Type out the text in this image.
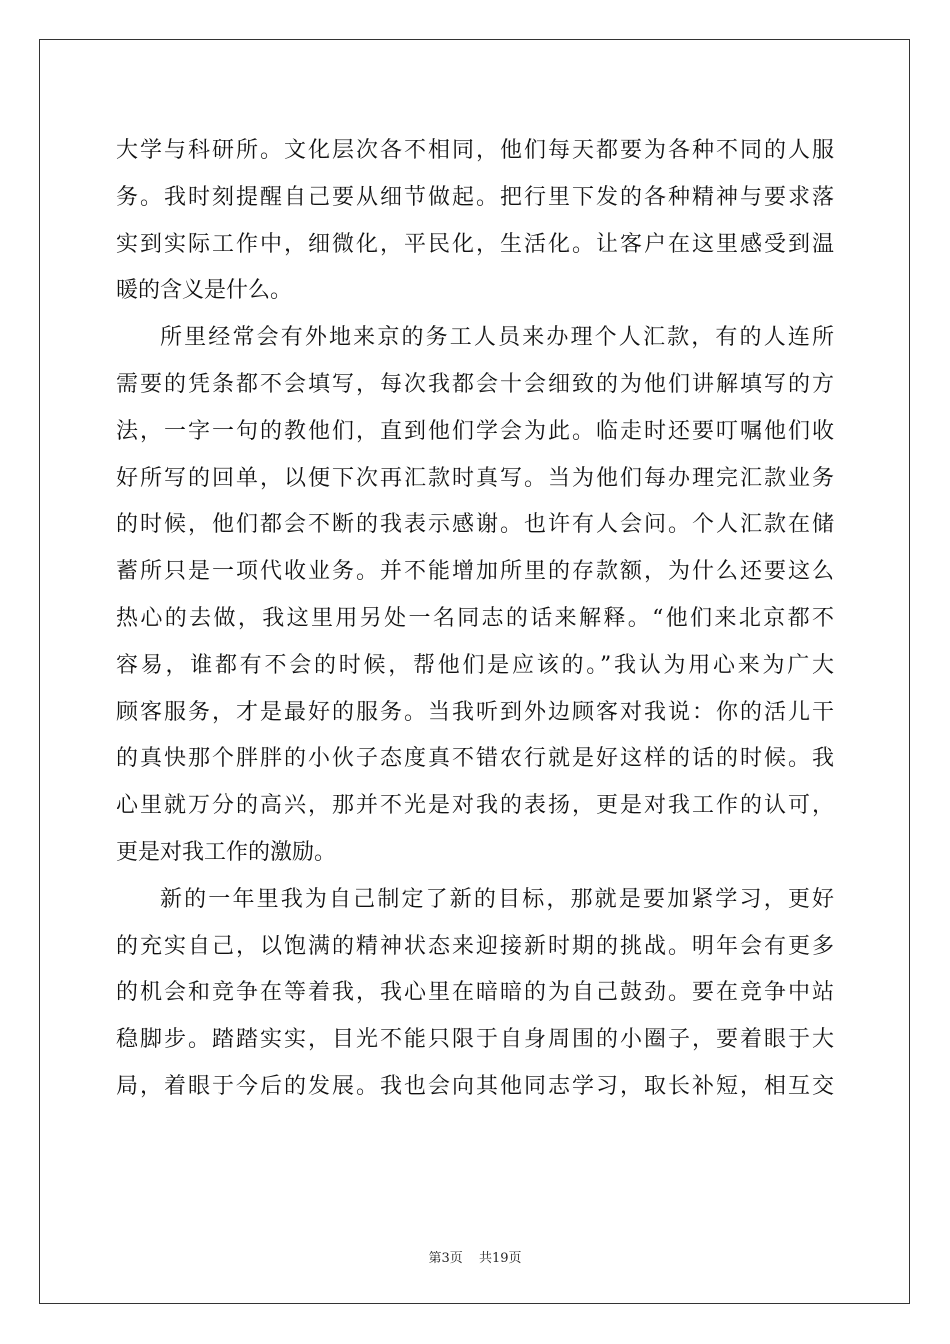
大学与科研所。文化层次各不相同，他们每天都要为各种不同的人服
务。我时刻提醒自己要从细节做起。把行里下发的各种精神与要求落
实到实际工作中，细微化，平民化，生活化。让客户在这里感受到温
暖的含义是什么。
所里经常会有外地来京的务工人员来办理个人汇款，有的人连所
需要的凭条都不会填写，每次我都会十会细致的为他们讲解填写的方
法，一字一句的教他们，直到他们学会为此。临走时还要叮嘱他们收
好所写的回单，以便下次再汇款时真写。当为他们每办理完汇款业务
的时候，他们都会不断的我表示感谢。也许有人会问。个人汇款在储
蓄所只是一项代收业务。并不能增加所里的存款额，为什么还要这么
热心的去做，我这里用另处一名同志的话来解释。“他们来北京都不
容易，谁都有不会的时候，帮他们是应该的。”我认为用心来为广大
顾客服务，才是最好的服务。当我听到外边顾客对我说：你的活儿干
的真快那个胖胖的小伙子态度真不错农行就是好这样的话的时候。我
心里就万分的高兴，那并不光是对我的表扬，更是对我工作的认可，
更是对我工作的激励。
新的一年里我为自己制定了新的目标，那就是要加紧学习，更好
的充实自己，以饱满的精神状态来迎接新时期的挑战。明年会有更多
的机会和竞争在等着我，我心里在暗暗的为自己鼓劲。要在竞争中站
稳脚步。踏踏实实，目光不能只限于自身周围的小圈子，要着眼于大
局，着眼于今后的发展。我也会向其他同志学习，取长补短，相互交
第3页 共19页
